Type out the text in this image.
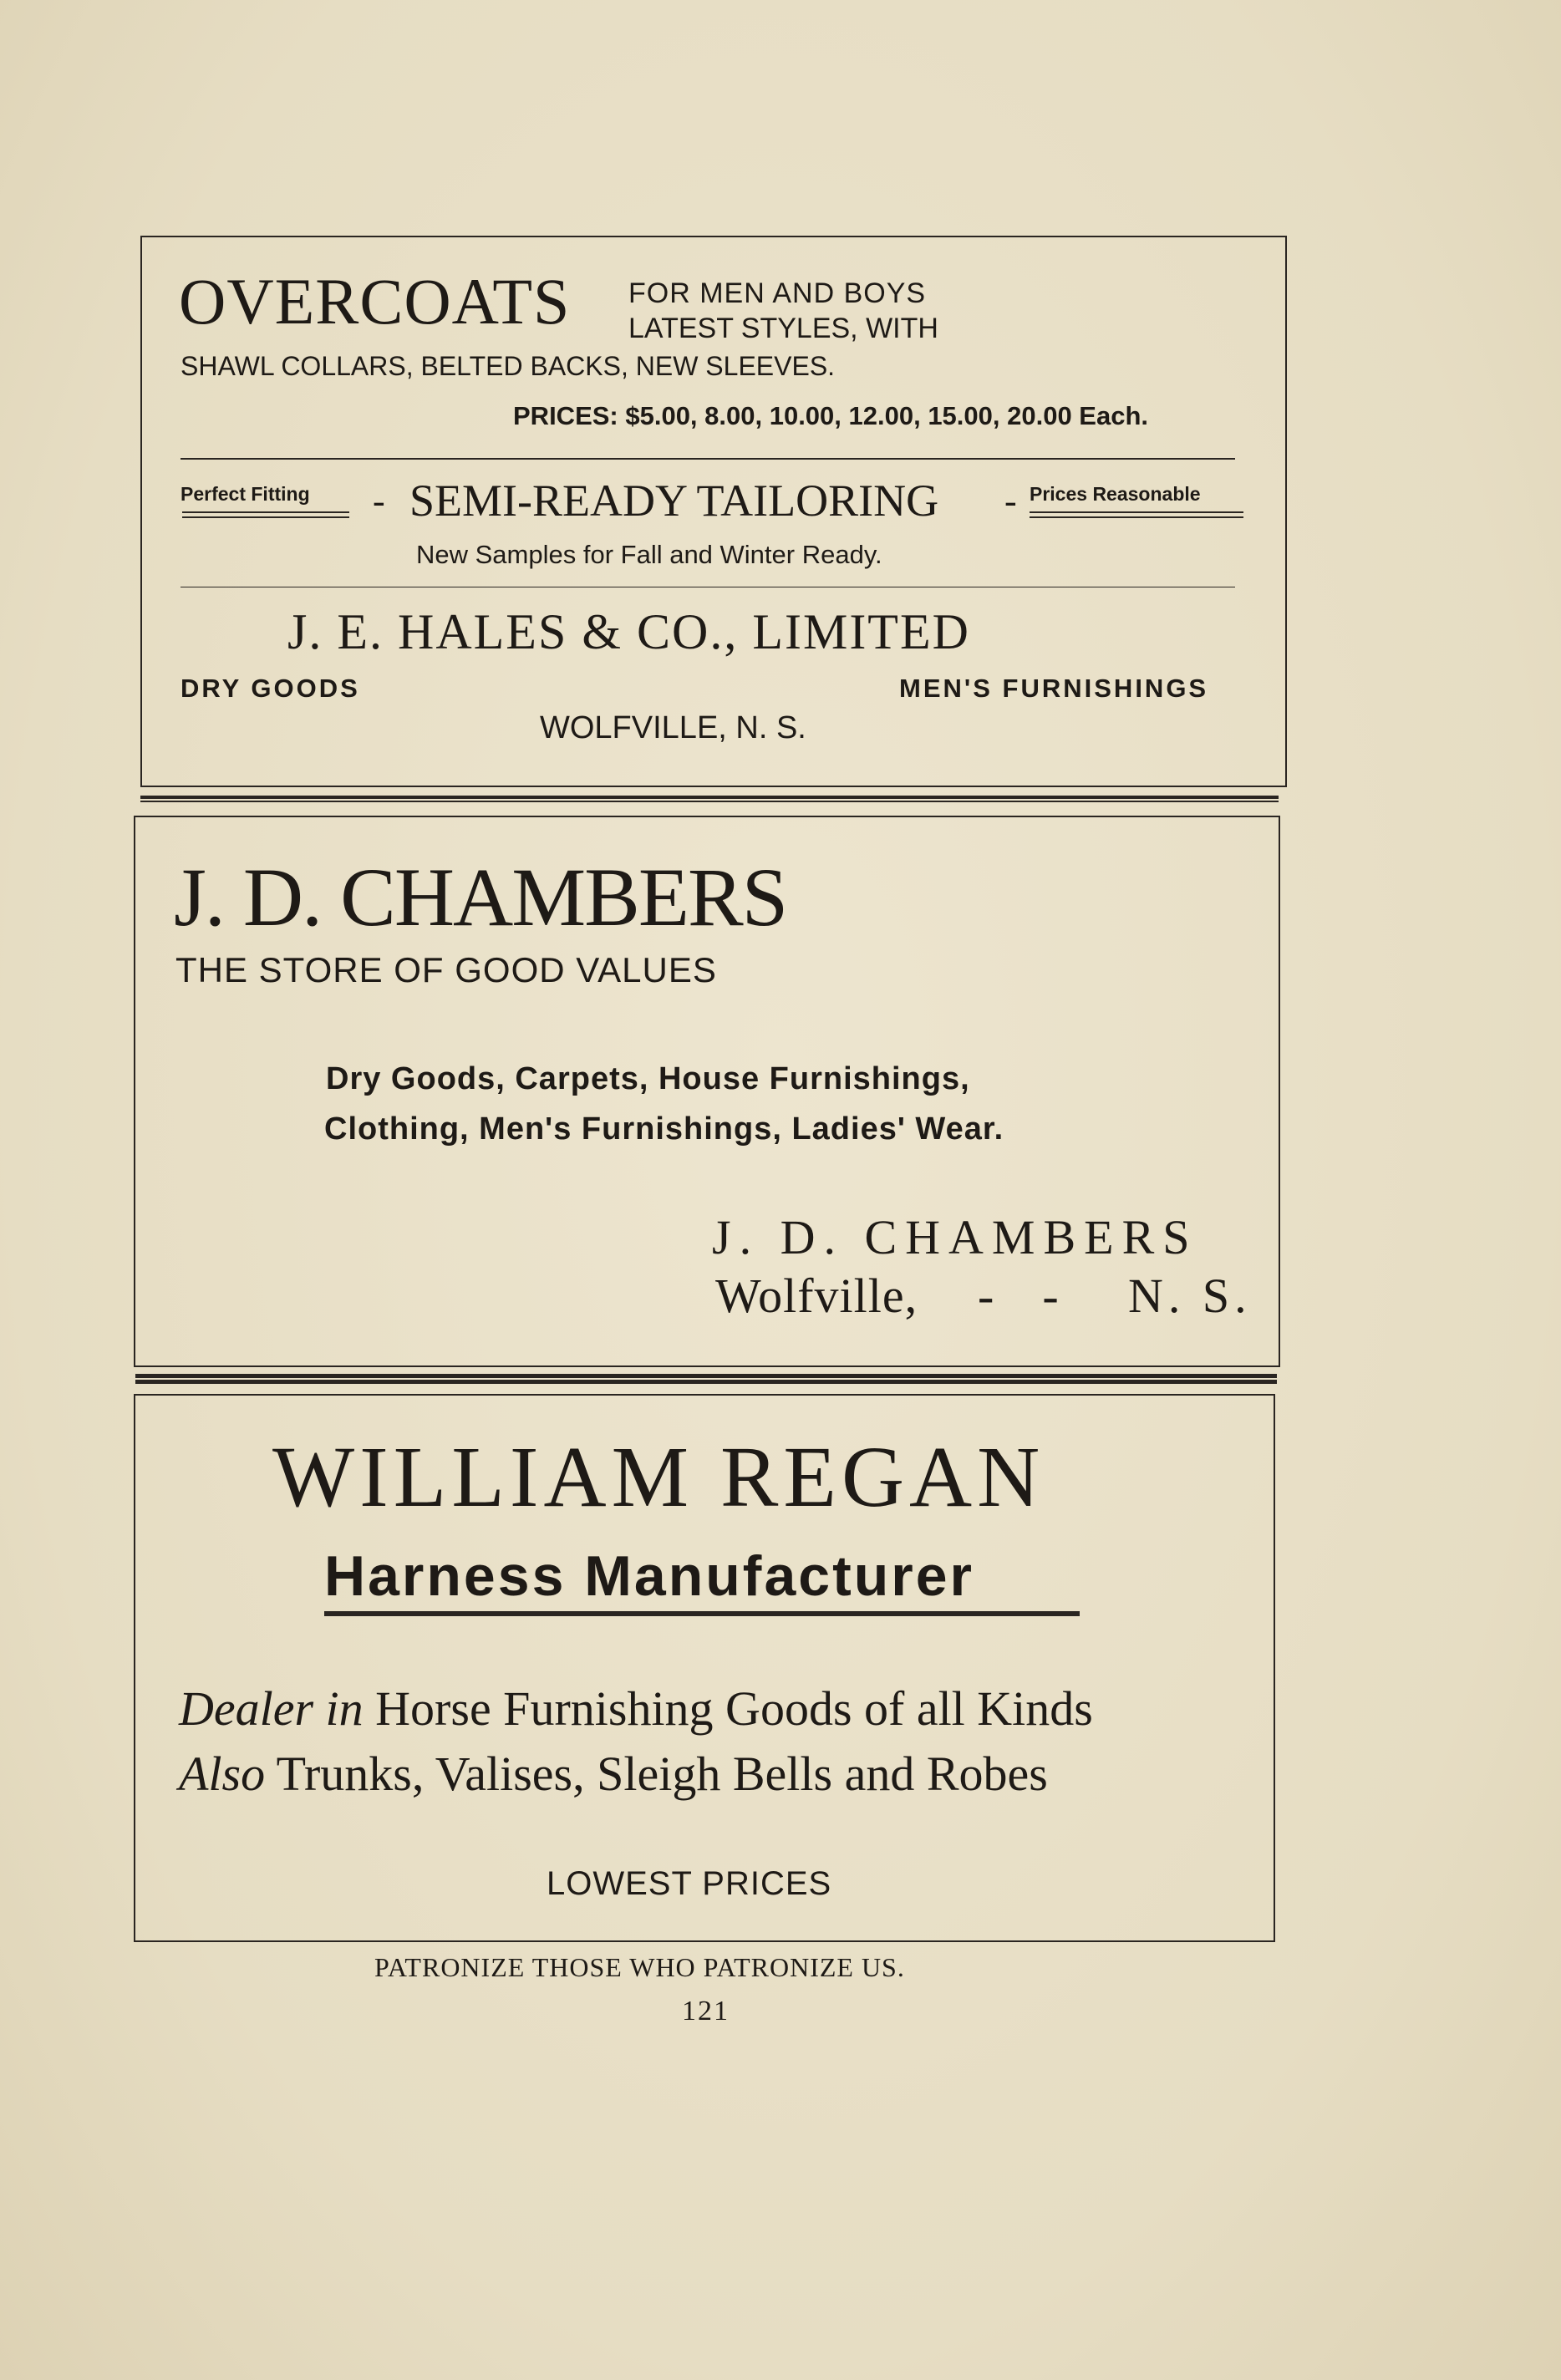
OVERCOATS FOR MEN AND BOYS
LATEST STYLES, WITH
SHAWL COLLARS, BELTED BACKS, NEW SLEEVES.
PRICES: $5.00, 8.00, 10.00, 12.00, 15.00, 20.00 Each.
Perfect Fitting - SEMI-READY TAILORING - Prices Reasonable
New Samples for Fall and Winter Ready.
J. E. HALES & CO., LIMITED
DRY GOODS	MEN'S FURNISHINGS
WOLFVILLE, N. S.
J. D. CHAMBERS
THE STORE OF GOOD VALUES
Dry Goods, Carpets, House Furnishings,
Clothing, Men's Furnishings, Ladies' Wear.
J. D. CHAMBERS
Wolfville, -    - N. S.
WILLIAM REGAN
Harness Manufacturer
Dealer in Horse Furnishing Goods of all Kinds
Also Trunks, Valises, Sleigh Bells and Robes
LOWEST PRICES
PATRONIZE THOSE WHO PATRONIZE US.
121
